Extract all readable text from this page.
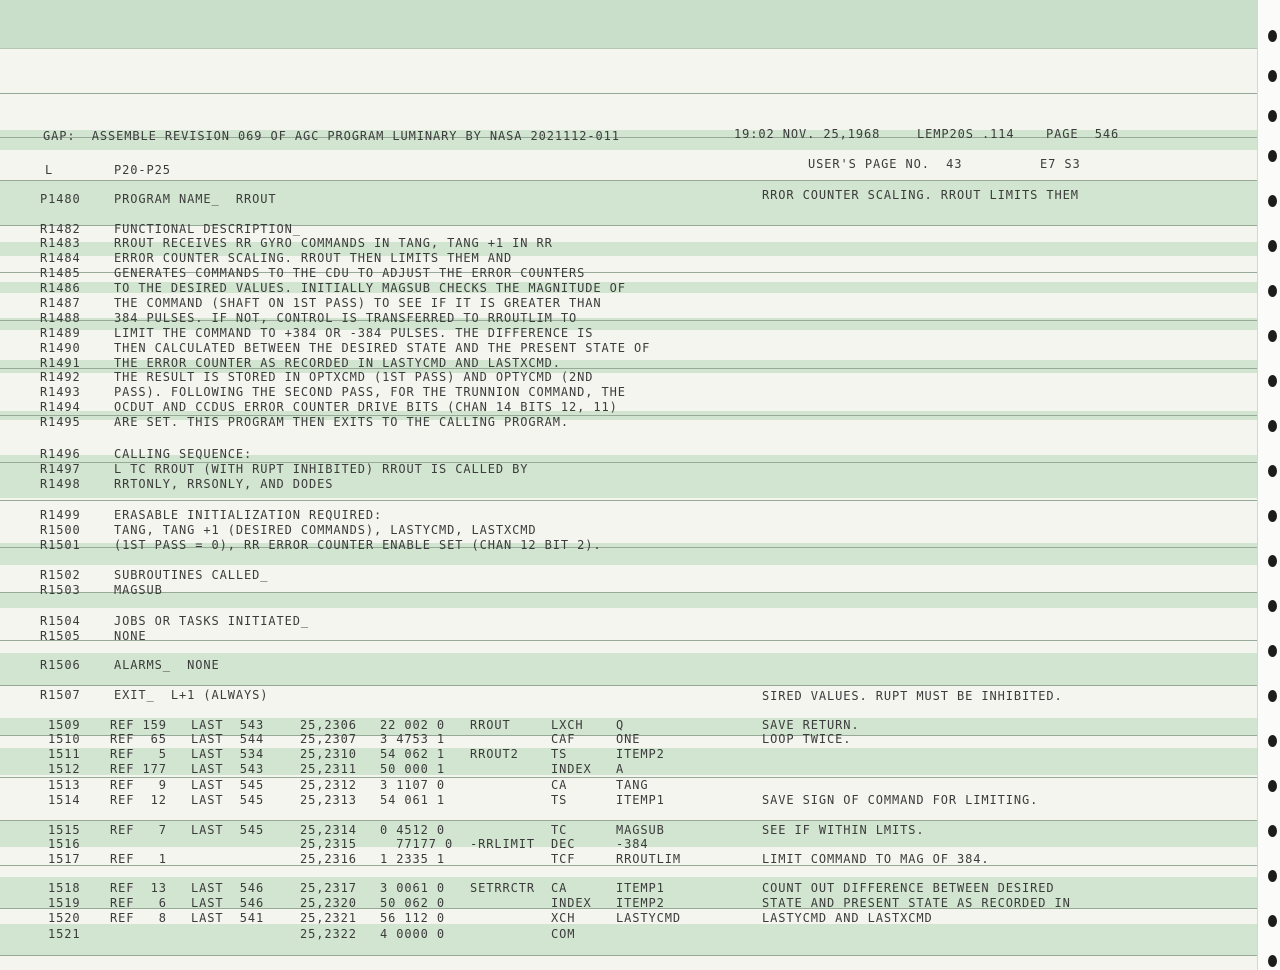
GAP:  ASSEMBLE REVISION 069 OF AGC PROGRAM LUMINARY BY NASA 2021112-011	19:02 NOV. 25,1968	LEMP20S .114	PAGE  546
L	P20-P25	USER'S PAGE NO.  43	E7 S3
P1480	PROGRAM NAME_  RROUT
R1482	FUNCTIONAL DESCRIPTION_
R1483	RROUT RECEIVES RR GYRO COMMANDS IN TANG, TANG +1 IN RR
R1484	ERROR COUNTER SCALING. RROUT THEN LIMITS THEM AND
R1485	GENERATES COMMANDS TO THE CDU TO ADJUST THE ERROR COUNTERS
R1486	TO THE DESIRED VALUES. INITIALLY MAGSUB CHECKS THE MAGNITUDE OF
R1487	THE COMMAND (SHAFT ON 1ST PASS) TO SEE IF IT IS GREATER THAN
R1488	384 PULSES. IF NOT, CONTROL IS TRANSFERRED TO RROUTLIM TO
R1489	LIMIT THE COMMAND TO +384 OR -384 PULSES. THE DIFFERENCE IS
R1490	THEN CALCULATED BETWEEN THE DESIRED STATE AND THE PRESENT STATE OF
R1491	THE ERROR COUNTER AS RECORDED IN LASTYCMD AND LASTXCMD.
R1492	THE RESULT IS STORED IN OPTXCMD (1ST PASS) AND OPTYCMD (2ND
R1493	PASS). FOLLOWING THE SECOND PASS, FOR THE TRUNNION COMMAND, THE
R1494	OCDUT AND CCDUS ERROR COUNTER DRIVE BITS (CHAN 14 BITS 12, 11)
R1495	ARE SET. THIS PROGRAM THEN EXITS TO THE CALLING PROGRAM.
R1496	CALLING SEQUENCE:
R1497	L TC RROUT (WITH RUPT INHIBITED) RROUT IS CALLED BY
R1498	RRTONLY, RRSONLY, AND DODES
R1499	ERASABLE INITIALIZATION REQUIRED:
R1500	TANG, TANG +1 (DESIRED COMMANDS), LASTYCMD, LASTXCMD
R1501	(1ST PASS = 0), RR ERROR COUNTER ENABLE SET (CHAN 12 BIT 2).
R1502	SUBROUTINES CALLED_
R1503	MAGSUB
R1504	JOBS OR TASKS INITIATED_
R1505	NONE
R1506	ALARMS_  NONE
R1507	EXIT_  L+1 (ALWAYS)
RROR COUNTER SCALING. RROUT LIMITS THEM
SIRED VALUES. RUPT MUST BE INHIBITED.
1509 REF 159 LAST  543	25,2306 22 002 0 RROUT	LXCH	Q	SAVE RETURN.
1510 REF  65 LAST  544	25,2307 3 4753 1	CAF	ONE	LOOP TWICE.
1511 REF   5 LAST  534	25,2310 54 062 1 RROUT2	TS	ITEMP2
1512 REF 177 LAST  543	25,2311 50 000 1	INDEX A
1513 REF   9 LAST  545	25,2312 3 1107 0	CA	TANG
1514 REF  12 LAST  545	25,2313 54 061 1	TS	ITEMP1	SAVE SIGN OF COMMAND FOR LIMITING.
1515 REF   7 LAST  545	25,2314 0 4512 0	TC	MAGSUB	SEE IF WITHIN LMITS.
1516	25,2315 77177 0 -RRLIMIT DEC	-384
1517 REF   1	25,2316 1 2335 1	TCF	RROUTLIM	LIMIT COMMAND TO MAG OF 384.
1518 REF  13 LAST  546	25,2317 3 0061 0 SETRRCTR CA	ITEMP1	COUNT OUT DIFFERENCE BETWEEN DESIRED
1519 REF   6 LAST  546	25,2320 50 062 0	INDEX ITEMP2	STATE AND PRESENT STATE AS RECORDED IN
1520 REF   8 LAST  541	25,2321 56 112 0	XCH	LASTYCMD	LASTYCMD AND LASTXCMD
1521	25,2322 4 0000 0	COM
